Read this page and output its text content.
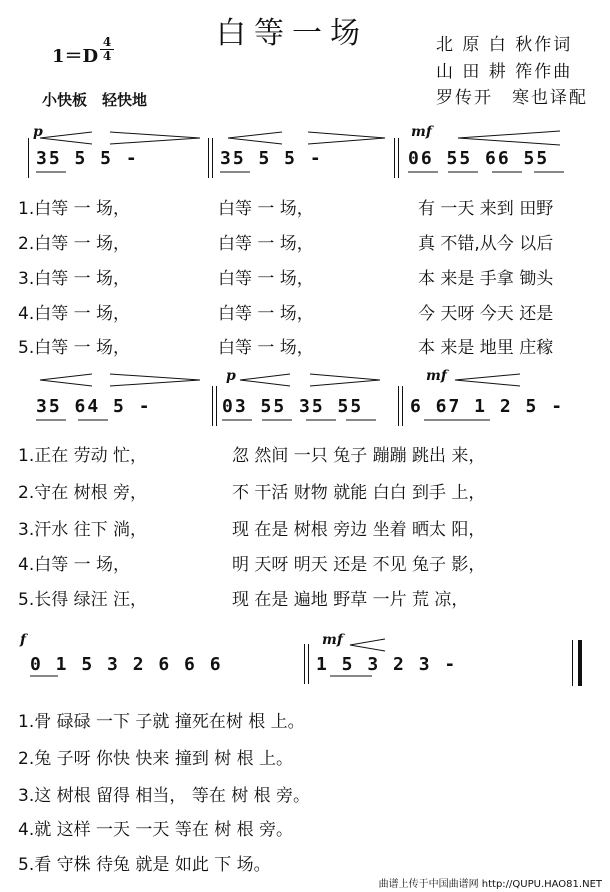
白等一场
1＝D
4
4
小快板　轻快地
北 原 白 秋作词
山 田 耕 筰作曲
罗传开　寒也译配
p	mf
35 5 5 -	35 5 5 -	06 55 66 55
1.白等 一 场，	白等 一 场，	有 一天 来到 田野
2.白等 一 场，	白等 一 场，	真 不错,从今 以后
3.白等 一 场，	白等 一 场，	本 来是 手拿 锄头
4.白等 一 场，	白等 一 场，	今 天呀 今天 还是
5.白等 一 场，	白等 一 场，	本 来是 地里 庄稼
p	mf
35 64 5 -	03 55 35 55	6 67 1 2 5 -
1.正在 劳动 忙，	忽 然间 一只 兔子 蹦蹦 跳出 来，
2.守在 树根 旁，	不 干活 财物 就能 白白 到手 上，
3.汗水 往下 淌，	现 在是 树根 旁边 坐着 晒太 阳，
4.白等 一 场，	明 天呀 明天 还是 不见 兔子 影，
5.长得 绿汪 汪，	现 在是 遍地 野草 一片 荒 凉，
f	mf
0 1 5 3 2 6 6 6	1 5 3 2 3 -
1.骨 碌碌 一下 子就 撞死在树 根 上。
2.兔 子呀 你快 快来 撞到 树 根 上。
3.这 树根 留得 相当， 等在 树 根 旁。
4.就 这样 一天 一天 等在 树 根 旁。
5.看 守株 待兔 就是 如此 下 场。
曲谱上传于中国曲谱网 http://QUPU.HAO81.NET
